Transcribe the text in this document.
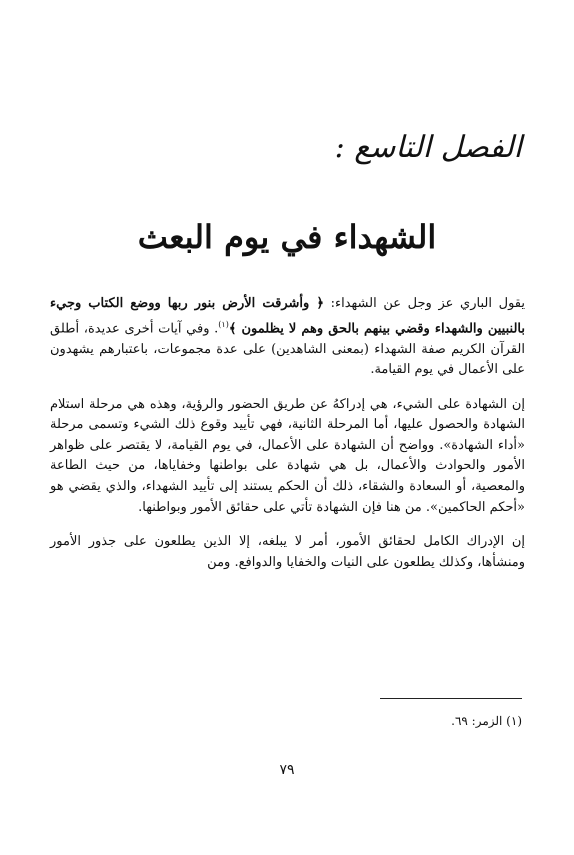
الفصل التاسع :
الشهداء في يوم البعث

يقول الباري عز وجل عن الشهداء: ﴿ وأشرقت الأرض بنور ربها ووضع الكتاب وجيء بالنبيين والشهداء وقضي بينهم بالحق وهم لا يظلمون ﴾$^{(١)}$. وفي آيات أخرى عديدة، أطلق القرآن الكريم صفة الشهداء (بمعنى الشاهدين) على عدة مجموعات، باعتبارهم يشهدون على الأعمال في يوم القيامة.

إن الشهادة على الشيء، هي إدراكهُ عن طريق الحضور والرؤية، وهذه هي مرحلة استلام الشهادة والحصول عليها، أما المرحلة الثانية، فهي تأييد وقوع ذلك الشيء وتسمى مرحلة «أداء الشهادة». وواضح أن الشهادة على الأعمال، في يوم القيامة، لا يقتصر على ظواهر الأمور والحوادث والأعمال، بل هي شهادة على بواطنها وخفاياها، من حيث الطاعة والمعصية، أو السعادة والشقاء، ذلك أن الحكم يستند إلى تأييد الشهداء، والذي يقضي هو «أحكم الحاكمين». من هنا فإن الشهادة تأتي على حقائق الأمور وبواطنها.

إن الإدراك الكامل لحقائق الأمور، أمر لا يبلغه، إلا الذين يطلعون على جذور الأمور ومنشأها، وكذلك يطلعون على النيات والخفايا والدوافع. ومن

(١) الزمر: ٦٩.
٧٩
